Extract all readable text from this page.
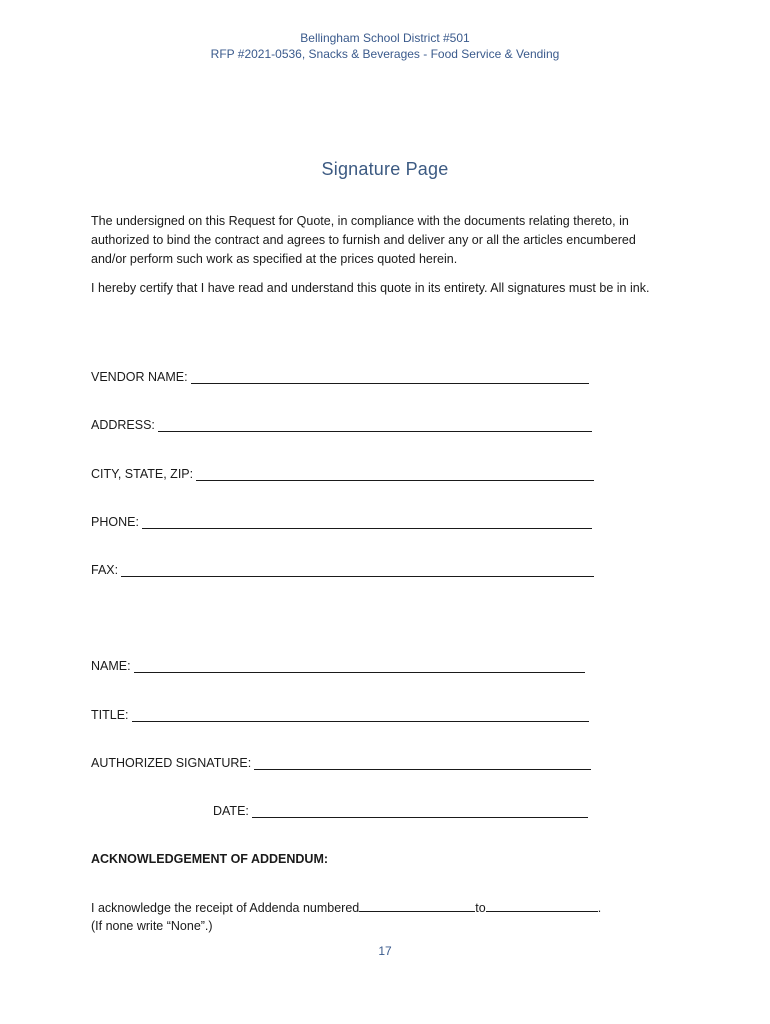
Bellingham School District #501
RFP #2021-0536, Snacks & Beverages - Food Service & Vending
Signature Page
The undersigned on this Request for Quote, in compliance with the documents relating thereto, in authorized to bind the contract and agrees to furnish and deliver any or all the articles encumbered and/or perform such work as specified at the prices quoted herein.
I hereby certify that I have read and understand this quote in its entirety. All signatures must be in ink.
VENDOR NAME:
ADDRESS:
CITY, STATE, ZIP:
PHONE:
FAX:
NAME:
TITLE:
AUTHORIZED SIGNATURE:
DATE:
ACKNOWLEDGEMENT OF ADDENDUM:
I acknowledge the receipt of Addenda numbered	to	.
(If none write “None”.)
17
